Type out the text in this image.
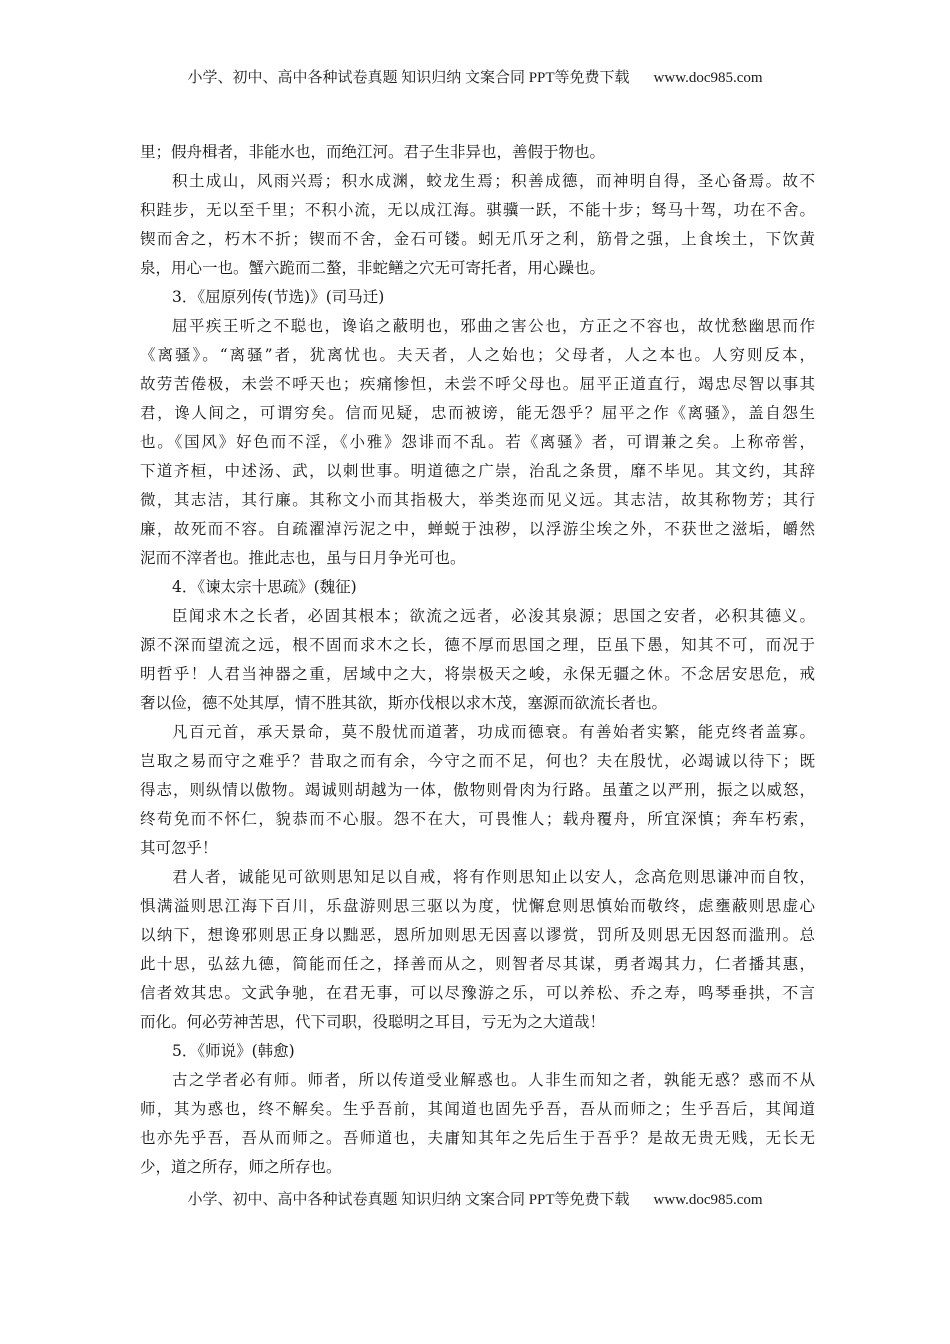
小学、初中、高中各种试卷真题 知识归纳 文案合同 PPT等免费下载 www.doc985.com
里；假舟楫者，非能水也，而绝江河。君子生非异也，善假于物也。
积土成山，风雨兴焉；积水成渊，蛟龙生焉；积善成德，而神明自得，圣心备焉。故不
积跬步，无以至千里；不积小流，无以成江海。骐骥一跃，不能十步；驽马十驾，功在不舍。
锲而舍之，朽木不折；锲而不舍，金石可镂。蚓无爪牙之利，筋骨之强，上食埃土，下饮黄
泉，用心一也。蟹六跪而二螯，非蛇鳝之穴无可寄托者，用心躁也。
3．《屈原列传(节选)》(司马迁)
屈平疾王听之不聪也，谗谄之蔽明也，邪曲之害公也，方正之不容也，故忧愁幽思而作
《离骚》。“离骚”者，犹离忧也。夫天者，人之始也；父母者，人之本也。人穷则反本，
故劳苦倦极，未尝不呼天也；疾痛惨怛，未尝不呼父母也。屈平正道直行，竭忠尽智以事其
君，谗人间之，可谓穷矣。信而见疑，忠而被谤，能无怨乎？屈平之作《离骚》，盖自怨生
也。《国风》好色而不淫，《小雅》怨诽而不乱。若《离骚》者，可谓兼之矣。上称帝喾，
下道齐桓，中述汤、武，以刺世事。明道德之广崇，治乱之条贯，靡不毕见。其文约，其辞
微，其志洁，其行廉。其称文小而其指极大，举类迩而见义远。其志洁，故其称物芳；其行
廉，故死而不容。自疏濯淖污泥之中，蝉蜕于浊秽，以浮游尘埃之外，不获世之滋垢，皭然
泥而不滓者也。推此志也，虽与日月争光可也。
4．《谏太宗十思疏》(魏征)
臣闻求木之长者，必固其根本；欲流之远者，必浚其泉源；思国之安者，必积其德义。
源不深而望流之远，根不固而求木之长，德不厚而思国之理，臣虽下愚，知其不可，而况于
明哲乎！人君当神器之重，居域中之大，将崇极天之峻，永保无疆之休。不念居安思危，戒
奢以俭，德不处其厚，情不胜其欲，斯亦伐根以求木茂，塞源而欲流长者也。
凡百元首，承天景命，莫不殷忧而道著，功成而德衰。有善始者实繁，能克终者盖寡。
岂取之易而守之难乎？昔取之而有余，今守之而不足，何也？夫在殷忧，必竭诚以待下；既
得志，则纵情以傲物。竭诚则胡越为一体，傲物则骨肉为行路。虽董之以严刑，振之以威怒，
终苟免而不怀仁，貌恭而不心服。怨不在大，可畏惟人；载舟覆舟，所宜深慎；奔车朽索，
其可忽乎！
君人者，诚能见可欲则思知足以自戒，将有作则思知止以安人，念高危则思谦冲而自牧，
惧满溢则思江海下百川，乐盘游则思三驱以为度，忧懈怠则思慎始而敬终，虑壅蔽则思虚心
以纳下，想谗邪则思正身以黜恶，恩所加则思无因喜以谬赏，罚所及则思无因怒而滥刑。总
此十思，弘兹九德，简能而任之，择善而从之，则智者尽其谋，勇者竭其力，仁者播其惠，
信者效其忠。文武争驰，在君无事，可以尽豫游之乐，可以养松、乔之寿，鸣琴垂拱，不言
而化。何必劳神苦思，代下司职，役聪明之耳目，亏无为之大道哉！
5．《师说》(韩愈)
古之学者必有师。师者，所以传道受业解惑也。人非生而知之者，孰能无惑？惑而不从
师，其为惑也，终不解矣。生乎吾前，其闻道也固先乎吾，吾从而师之；生乎吾后，其闻道
也亦先乎吾，吾从而师之。吾师道也，夫庸知其年之先后生于吾乎？是故无贵无贱，无长无
少，道之所存，师之所存也。
小学、初中、高中各种试卷真题 知识归纳 文案合同 PPT等免费下载 www.doc985.com
